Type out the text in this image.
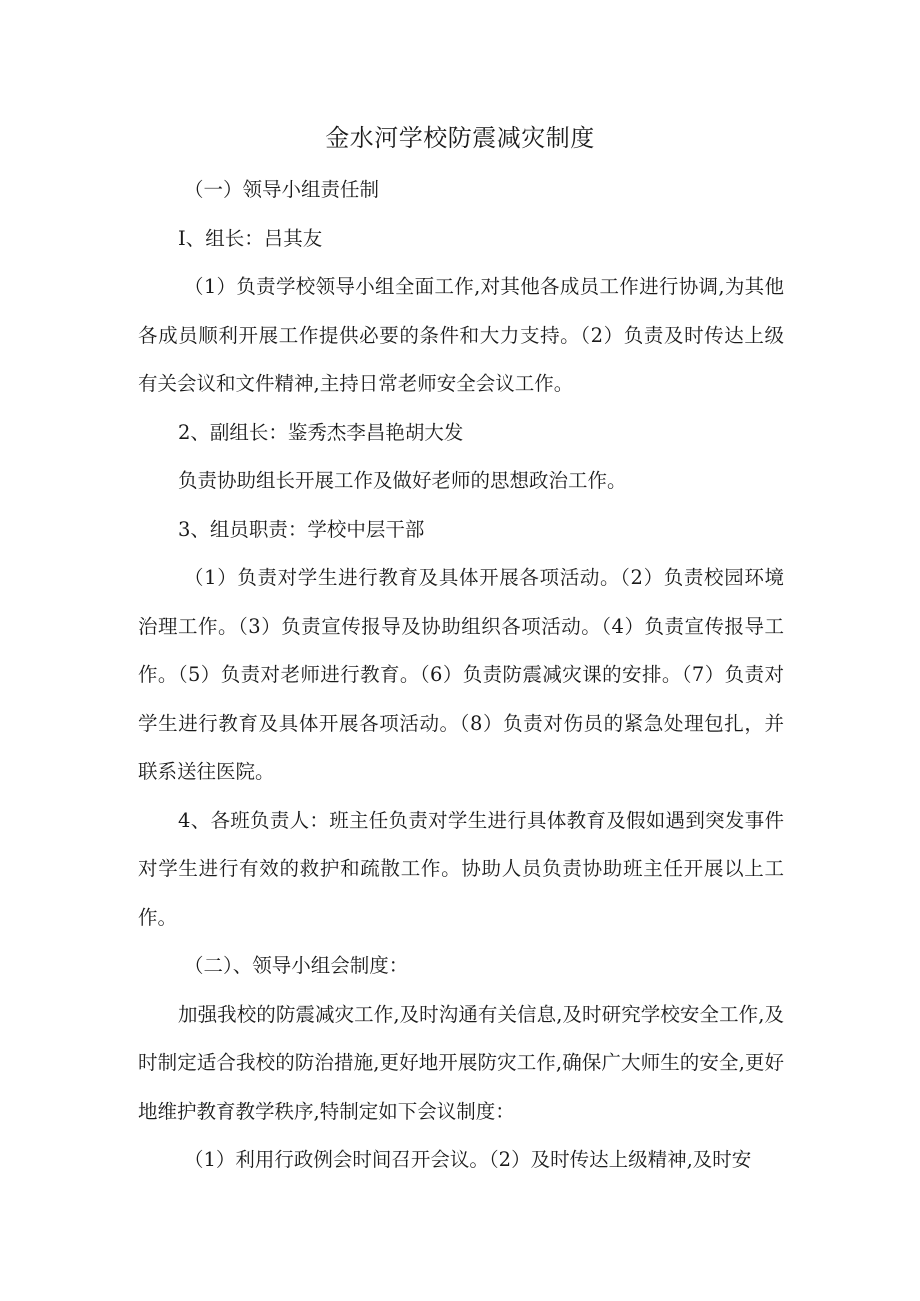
金水河学校防震减灾制度

（一）领导小组责任制

I、组长：吕其友

（1）负责学校领导小组全面工作,对其他各成员工作进行协调,为其他各成员顺利开展工作提供必要的条件和大力支持。（2）负责及时传达上级有关会议和文件精神,主持日常老师安全会议工作。

2、副组长：鉴秀杰李昌艳胡大发

负责协助组长开展工作及做好老师的思想政治工作。

3、组员职责：学校中层干部

（1）负责对学生进行教育及具体开展各项活动。（2）负责校园环境治理工作。（3）负责宣传报导及协助组织各项活动。（4）负责宣传报导工作。（5）负责对老师进行教育。（6）负责防震减灾课的安排。（7）负责对学生进行教育及具体开展各项活动。（8）负责对伤员的紧急处理包扎，并联系送往医院。

4、各班负责人：班主任负责对学生进行具体教育及假如遇到突发事件对学生进行有效的救护和疏散工作。协助人员负责协助班主任开展以上工作。

（二）、领导小组会制度：

加强我校的防震减灾工作,及时沟通有关信息,及时研究学校安全工作,及时制定适合我校的防治措施,更好地开展防灾工作,确保广大师生的安全,更好地维护教育教学秩序,特制定如下会议制度：

（1）利用行政例会时间召开会议。（2）及时传达上级精神,及时安
